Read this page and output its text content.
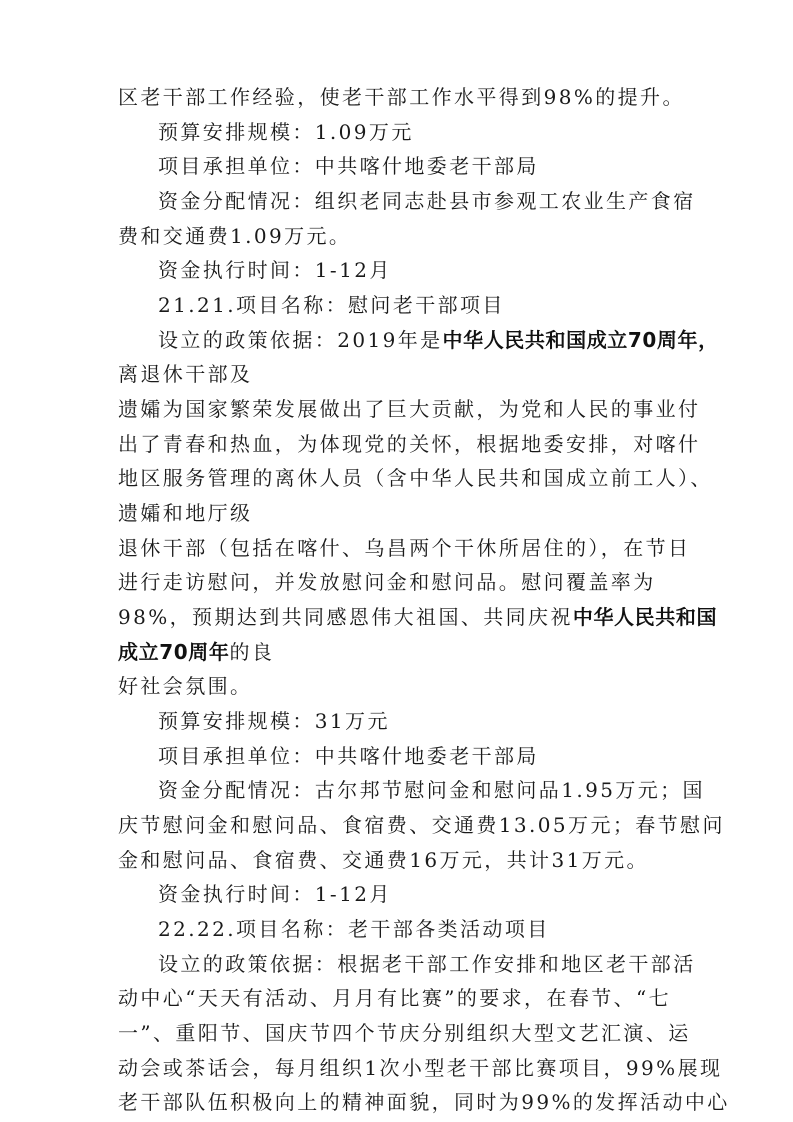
区老干部工作经验，使老干部工作水平得到98%的提升。
预算安排规模：1.09万元
项目承担单位：中共喀什地委老干部局
资金分配情况：组织老同志赴县市参观工农业生产食宿
费和交通费1.09万元。
资金执行时间：1-12月
21.21.项目名称：慰问老干部项目
设立的政策依据：2019年是中华人民共和国成立70周年，
离退休干部及
遗孀为国家繁荣发展做出了巨大贡献，为党和人民的事业付
出了青春和热血，为体现党的关怀，根据地委安排，对喀什
地区服务管理的离休人员（含中华人民共和国成立前工人）、
遗孀和地厅级
退休干部（包括在喀什、乌昌两个干休所居住的），在节日
进行走访慰问，并发放慰问金和慰问品。慰问覆盖率为
98%，预期达到共同感恩伟大祖国、共同庆祝中华人民共和国
成立70周年的良
好社会氛围。
预算安排规模：31万元
项目承担单位：中共喀什地委老干部局
资金分配情况：古尔邦节慰问金和慰问品1.95万元；国
庆节慰问金和慰问品、食宿费、交通费13.05万元；春节慰问
金和慰问品、食宿费、交通费16万元，共计31万元。
资金执行时间：1-12月
22.22.项目名称：老干部各类活动项目
设立的政策依据：根据老干部工作安排和地区老干部活
动中心“天天有活动、月月有比赛”的要求，在春节、“七
一”、重阳节、国庆节四个节庆分别组织大型文艺汇演、运
动会或茶话会，每月组织1次小型老干部比赛项目，99%展现
老干部队伍积极向上的精神面貌，同时为99%的发挥活动中心
